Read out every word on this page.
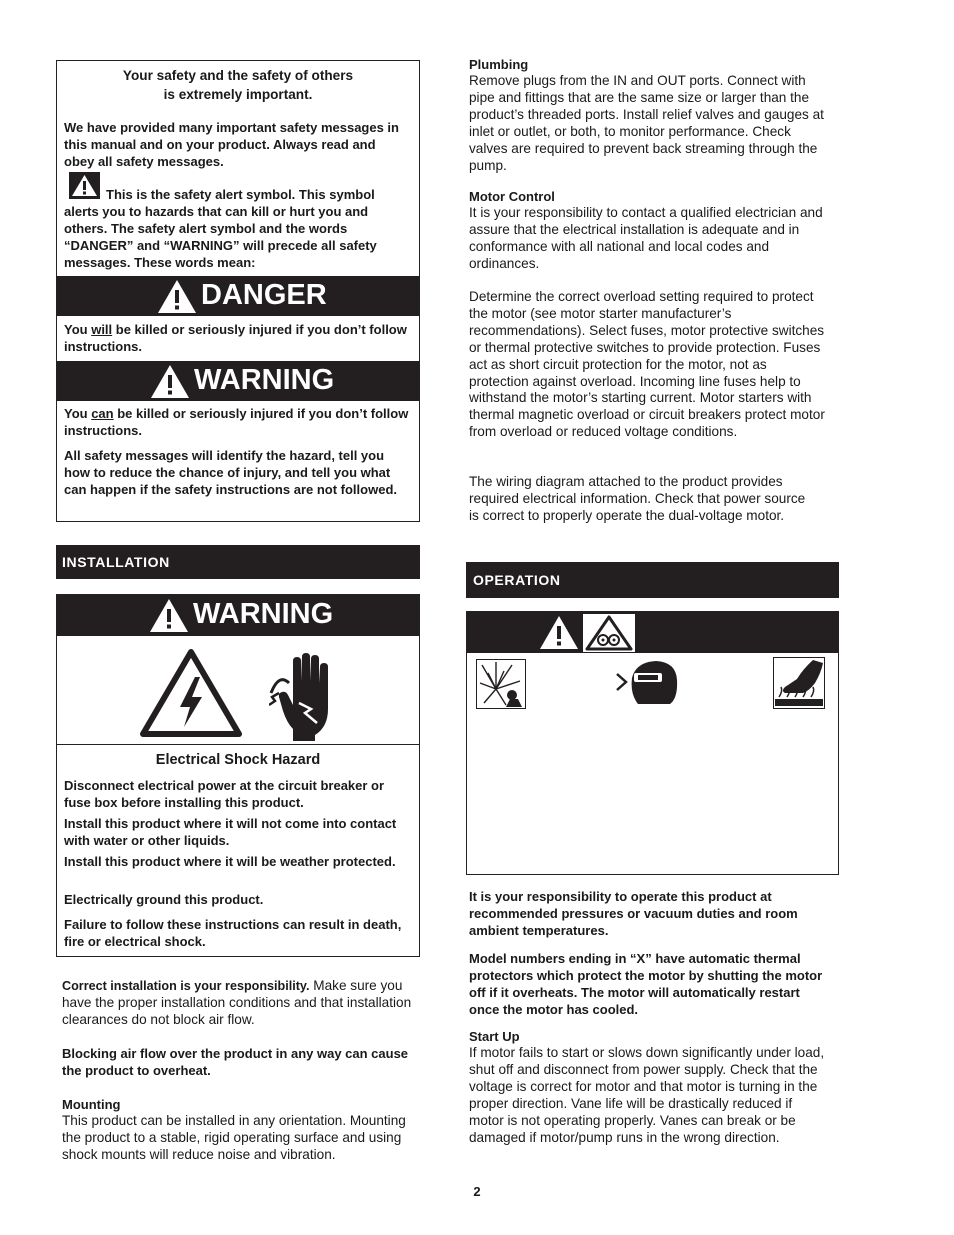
Your safety and the safety of others
is extremely important.

We have provided many important safety messages in this manual and on your product. Always read and obey all safety messages.

This is the safety alert symbol. This symbol alerts you to hazards that can kill or hurt you and others. The safety alert symbol and the words “DANGER” and “WARNING” will precede all safety messages. These words mean:

DANGER

You will be killed or seriously injured if you don’t follow instructions.

WARNING

You can be killed or seriously injured if you don’t follow instructions.

All safety messages will identify the hazard, tell you how to reduce the chance of injury, and tell you what can happen if the safety instructions are not followed.

INSTALLATION
WARNING

Electrical Shock Hazard

Disconnect electrical power at the circuit breaker or fuse box before installing this product.

Install this product where it will not come into contact with water or other liquids.

Install this product where it will be weather protected.

Electrically ground this product.

Failure to follow these instructions can result in death, fire or electrical shock.

Correct installation is your responsibility. Make sure you have the proper installation conditions and that installation clearances do not block air flow.

Blocking air flow over the product in any way can cause the product to overheat.

Mounting

This product can be installed in any orientation. Mounting the product to a stable, rigid operating surface and using shock mounts will reduce noise and vibration.

Plumbing

Remove plugs from the IN and OUT ports. Connect with pipe and fittings that are the same size or larger than the product’s threaded ports. Install relief valves and gauges at inlet or outlet, or both, to monitor performance. Check valves are required to prevent back streaming through the pump.

Motor Control

It is your responsibility to contact a qualified electrician and assure that the electrical installation is adequate and in conformance with all national and local codes and ordinances.

Determine the correct overload setting required to protect the motor (see motor starter manufacturer’s recommendations). Select fuses, motor protective switches or thermal protective switches to provide protection. Fuses act as short circuit protection for the motor, not as protection against overload. Incoming line fuses help to withstand the motor’s starting current. Motor starters with thermal magnetic overload or circuit breakers protect motor from overload or reduced voltage conditions.

The wiring diagram attached to the product provides required electrical information. Check that power source is correct to properly operate the dual-voltage motor.

OPERATION

It is your responsibility to operate this product at recommended pressures or vacuum duties and room ambient temperatures.

Model numbers ending in “X” have automatic thermal protectors which protect the motor by shutting the motor off if it overheats. The motor will automatically restart once the motor has cooled.

Start Up

If motor fails to start or slows down significantly under load, shut off and disconnect from power supply. Check that the voltage is correct for motor and that motor is turning in the proper direction. Vane life will be drastically reduced if motor is not operating properly. Vanes can break or be damaged if motor/pump runs in the wrong direction.

2
